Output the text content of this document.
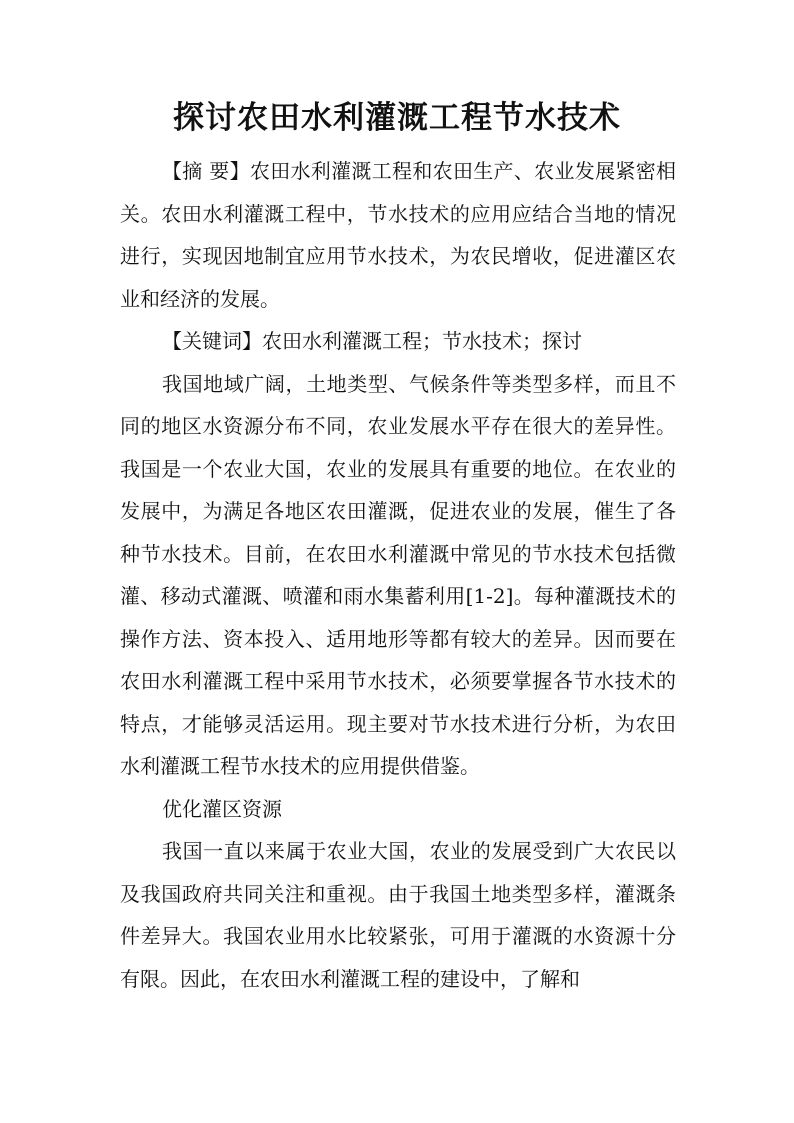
探讨农田水利灌溉工程节水技术

【摘 要】农田水利灌溉工程和农田生产、农业发展紧密相关。农田水利灌溉工程中，节水技术的应用应结合当地的情况进行，实现因地制宜应用节水技术，为农民增收，促进灌区农业和经济的发展。

【关键词】农田水利灌溉工程；节水技术；探讨

我国地域广阔，土地类型、气候条件等类型多样，而且不同的地区水资源分布不同，农业发展水平存在很大的差异性。我国是一个农业大国，农业的发展具有重要的地位。在农业的发展中，为满足各地区农田灌溉，促进农业的发展，催生了各种节水技术。目前，在农田水利灌溉中常见的节水技术包括微灌、移动式灌溉、喷灌和雨水集蓄利用[1-2]。每种灌溉技术的操作方法、资本投入、适用地形等都有较大的差异。因而要在农田水利灌溉工程中采用节水技术，必须要掌握各节水技术的特点，才能够灵活运用。现主要对节水技术进行分析，为农田水利灌溉工程节水技术的应用提供借鉴。

优化灌区资源

我国一直以来属于农业大国，农业的发展受到广大农民以及我国政府共同关注和重视。由于我国土地类型多样，灌溉条件差异大。我国农业用水比较紧张，可用于灌溉的水资源十分有限。因此，在农田水利灌溉工程的建设中，了解和
